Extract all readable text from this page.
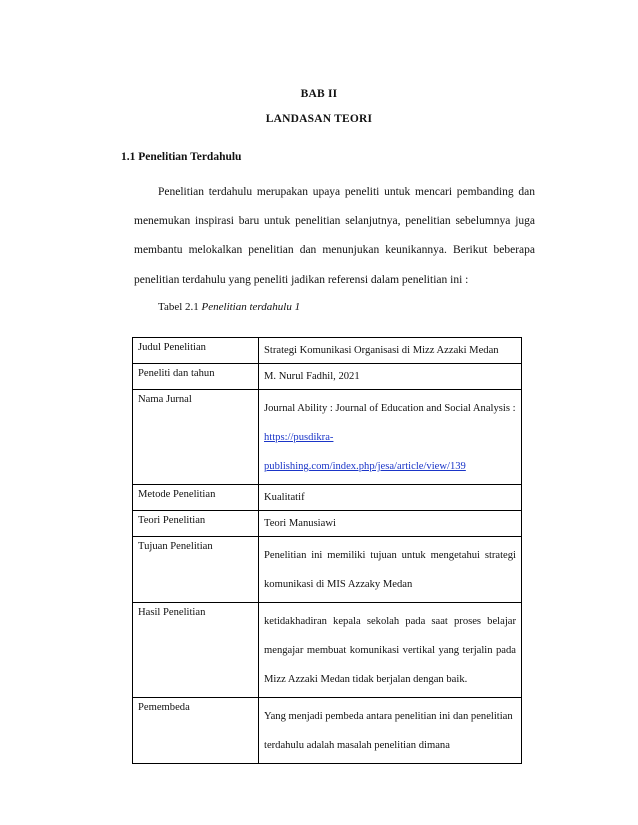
BAB II
LANDASAN TEORI
1.1 Penelitian Terdahulu

Penelitian terdahulu merupakan upaya peneliti untuk mencari pembanding dan menemukan inspirasi baru untuk penelitian selanjutnya, penelitian sebelumnya juga membantu melokalkan penelitian dan menunjukan keunikannya. Berikut beberapa penelitian terdahulu yang peneliti jadikan referensi dalam penelitian ini :

Tabel 2.1 Penelitian terdahulu 1
Judul Penelitian	Strategi Komunikasi Organisasi di Mizz Azzaki Medan
Peneliti dan tahun	M. Nurul Fadhil, 2021
Nama Jurnal	Journal Ability : Journal of Education and Social Analysis : https://pusdikra-publishing.com/index.php/jesa/article/view/139
Metode Penelitian	Kualitatif
Teori Penelitian	Teori Manusiawi
Tujuan Penelitian	Penelitian ini memiliki tujuan untuk mengetahui strategi komunikasi di MIS Azzaky Medan
Hasil Penelitian	ketidakhadiran kepala sekolah pada saat proses belajar mengajar membuat komunikasi vertikal yang terjalin pada Mizz Azzaki Medan tidak berjalan dengan baik.
Pemembeda	Yang menjadi pembeda antara penelitian ini dan penelitian terdahulu adalah masalah penelitian dimana
